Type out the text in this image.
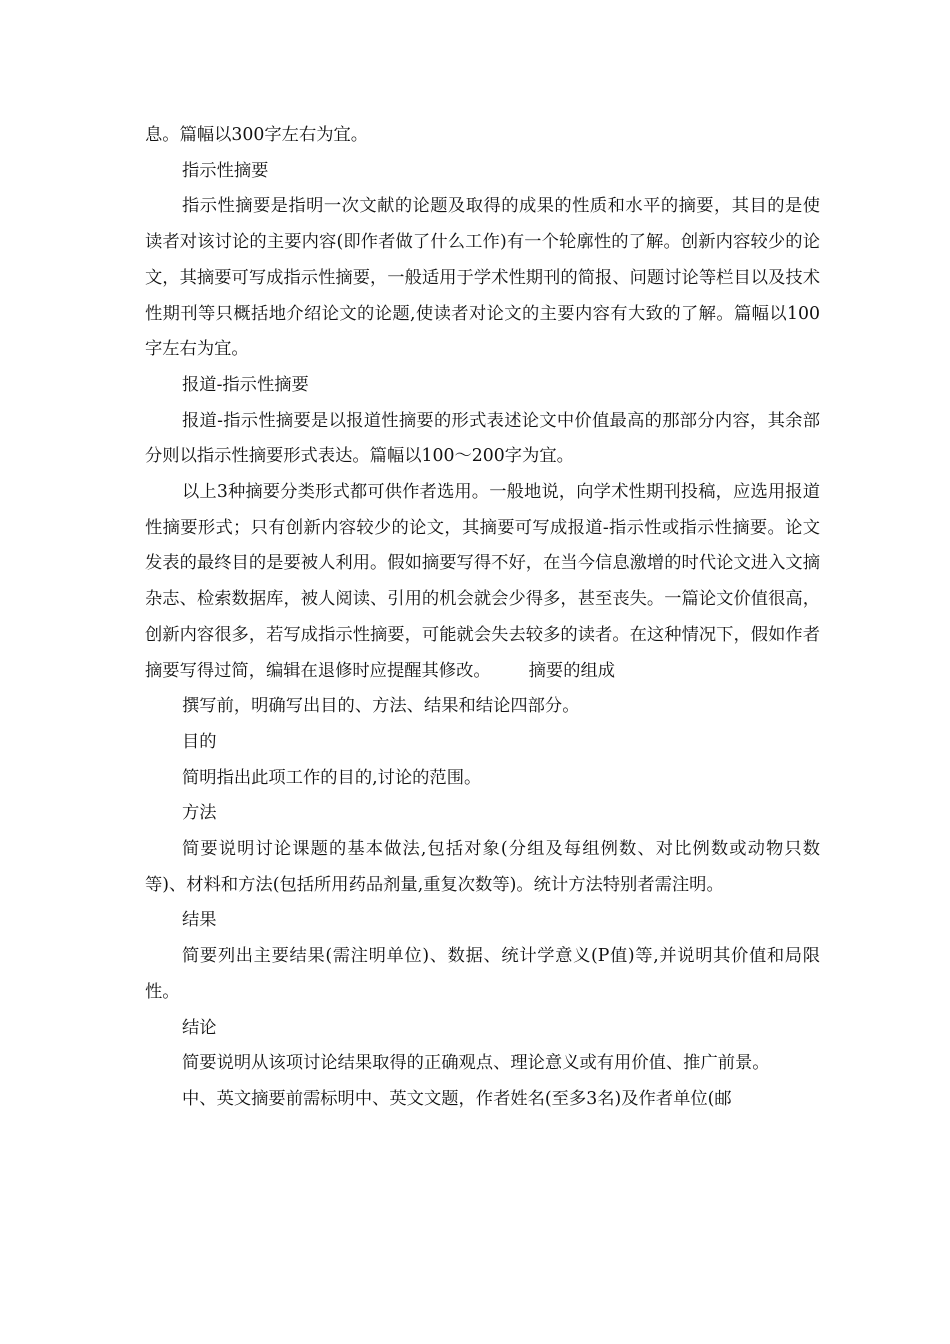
息。篇幅以300字左右为宜。

指示性摘要

指示性摘要是指明一次文献的论题及取得的成果的性质和水平的摘要，其目的是使读者对该讨论的主要内容(即作者做了什么工作)有一个轮廓性的了解。创新内容较少的论文，其摘要可写成指示性摘要，一般适用于学术性期刊的简报、问题讨论等栏目以及技术性期刊等只概括地介绍论文的论题,使读者对论文的主要内容有大致的了解。篇幅以100字左右为宜。

报道-指示性摘要

报道-指示性摘要是以报道性摘要的形式表述论文中价值最高的那部分内容，其余部分则以指示性摘要形式表达。篇幅以100～200字为宜。

以上3种摘要分类形式都可供作者选用。一般地说，向学术性期刊投稿，应选用报道性摘要形式；只有创新内容较少的论文，其摘要可写成报道-指示性或指示性摘要。论文发表的最终目的是要被人利用。假如摘要写得不好，在当今信息激增的时代论文进入文摘杂志、检索数据库，被人阅读、引用的机会就会少得多，甚至丧失。一篇论文价值很高，创新内容很多，若写成指示性摘要，可能就会失去较多的读者。在这种情况下，假如作者摘要写得过简，编辑在退修时应提醒其修改。 摘要的组成

撰写前，明确写出目的、方法、结果和结论四部分。

目的

简明指出此项工作的目的,讨论的范围。

方法

简要说明讨论课题的基本做法,包括对象(分组及每组例数、对比例数或动物只数等)、材料和方法(包括所用药品剂量,重复次数等)。统计方法特别者需注明。

结果

简要列出主要结果(需注明单位)、数据、统计学意义(P值)等,并说明其价值和局限性。

结论

简要说明从该项讨论结果取得的正确观点、理论意义或有用价值、推广前景。

中、英文摘要前需标明中、英文文题，作者姓名(至多3名)及作者单位(邮
